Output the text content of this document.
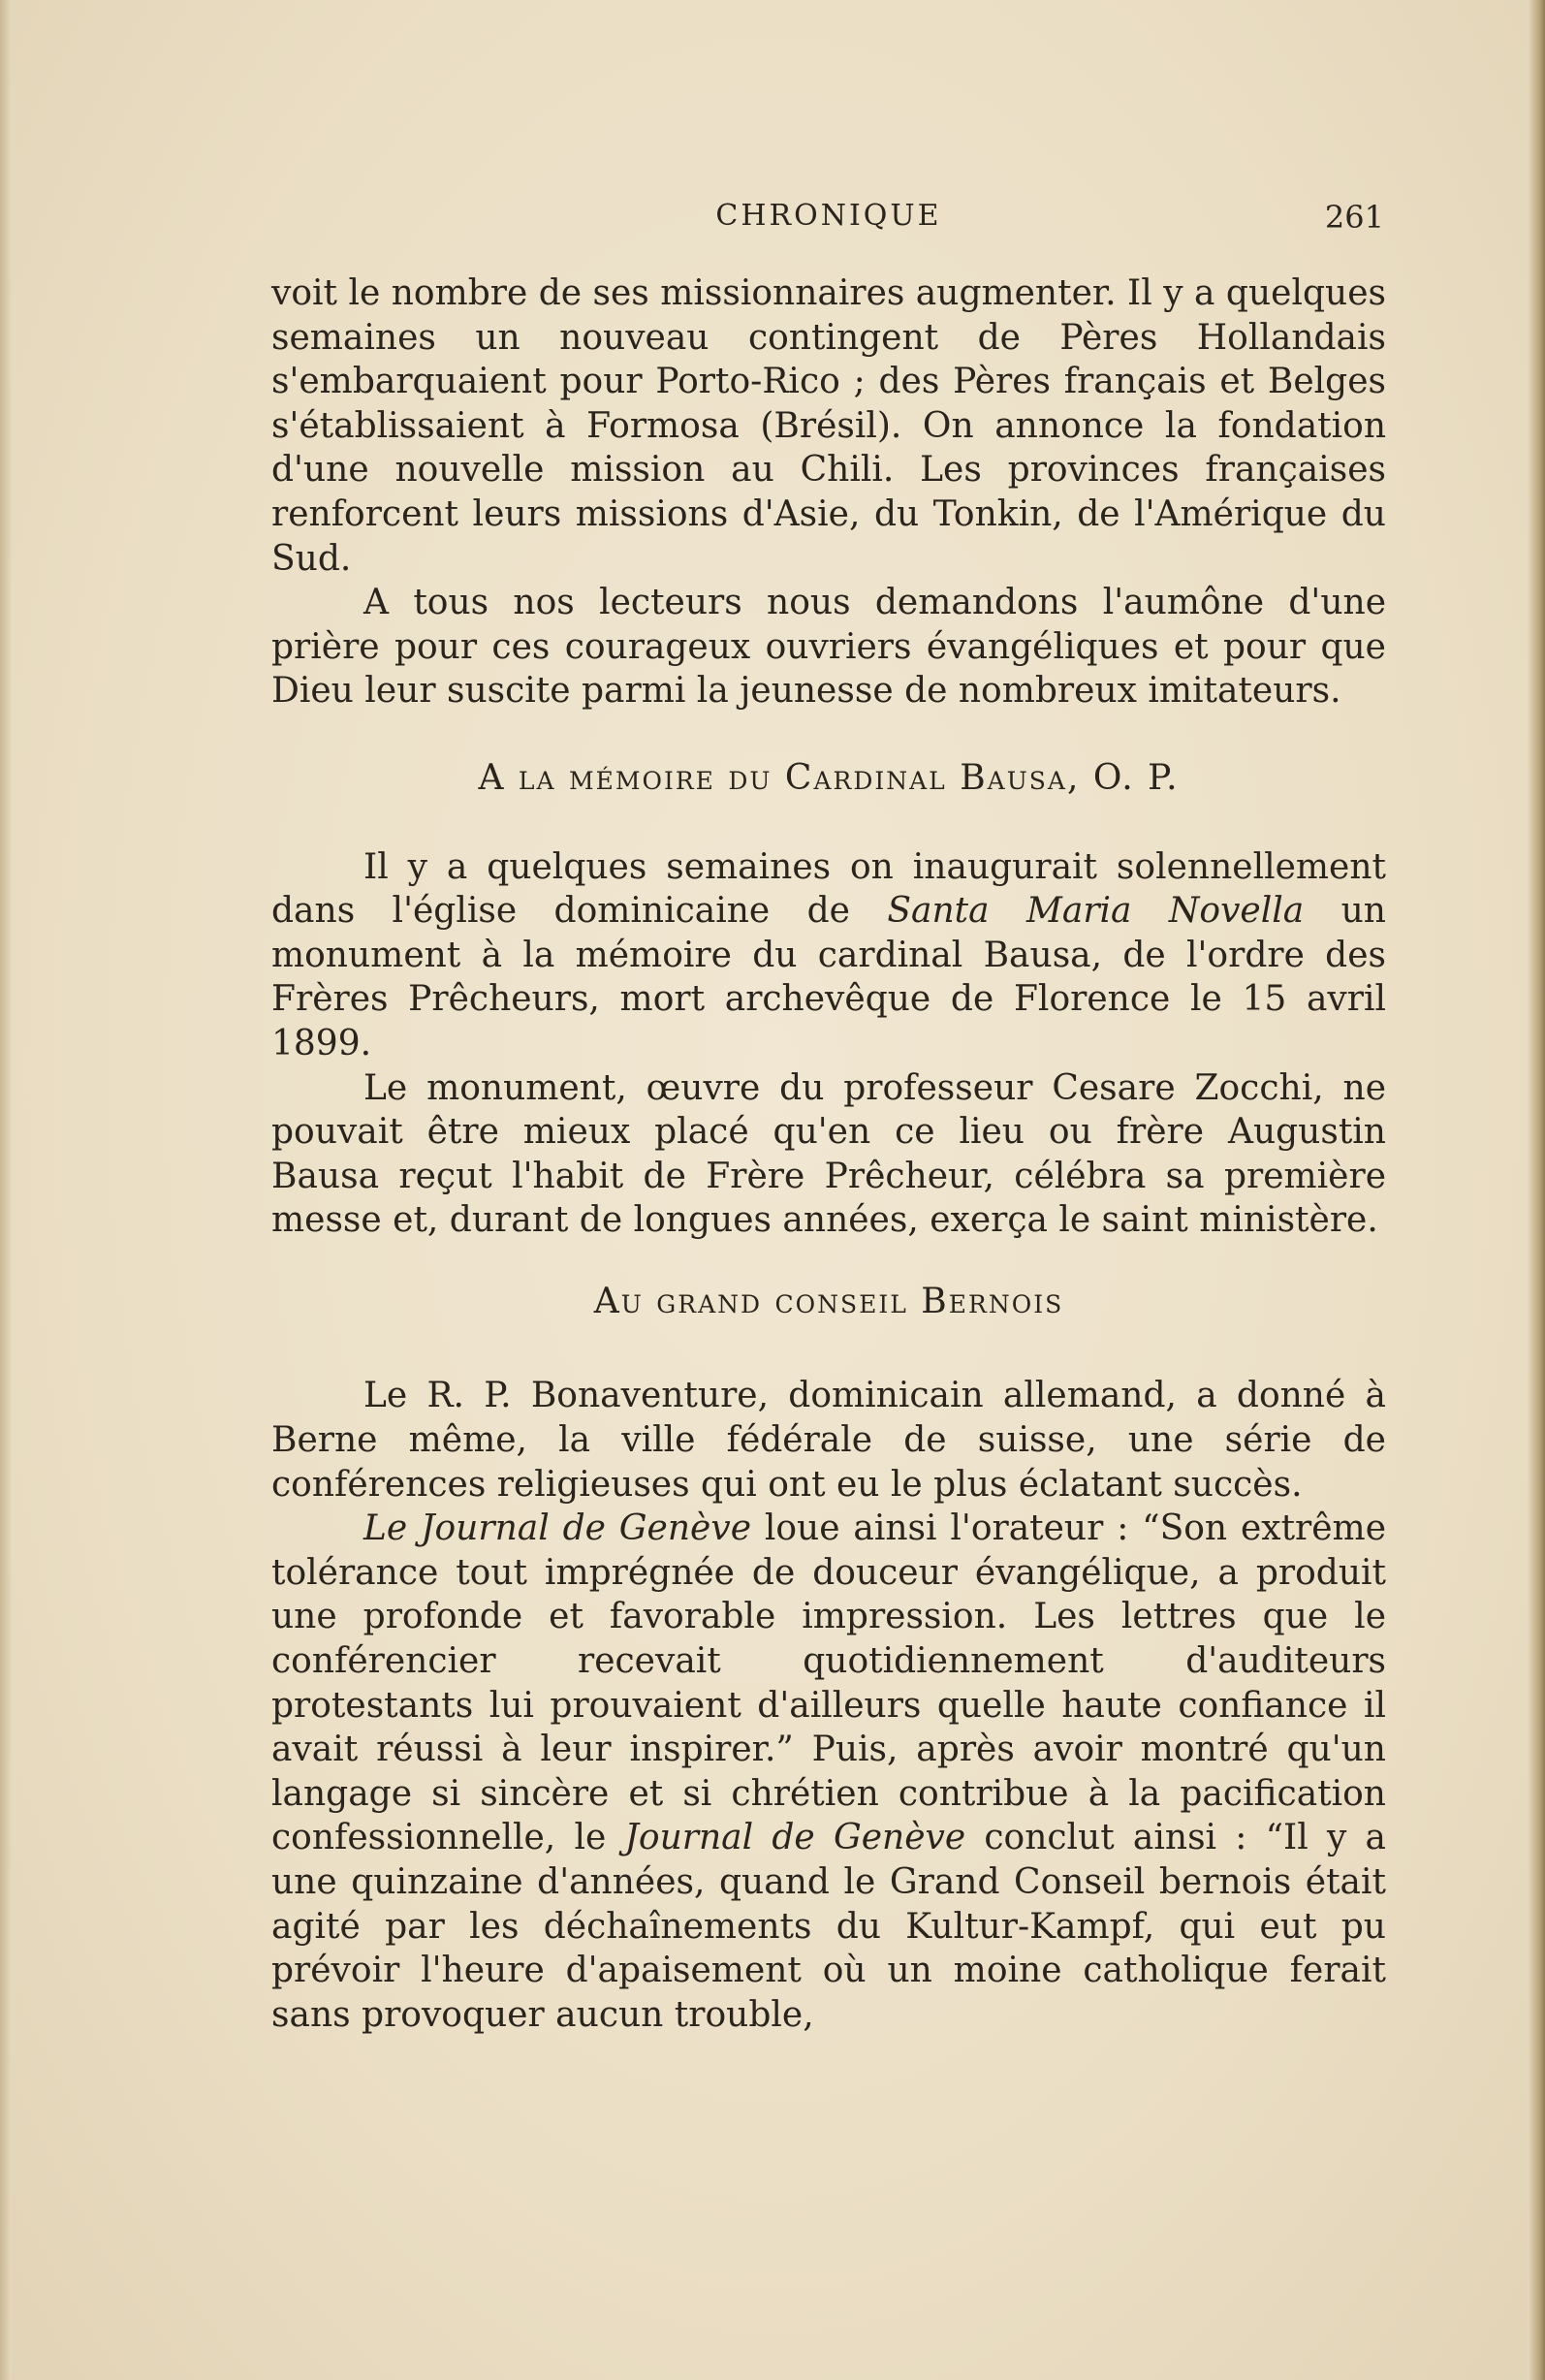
CHRONIQUE	261

voit le nombre de ses missionnaires augmenter. Il y a quelques semaines un nouveau contingent de Pères Hollandais s'embarquaient pour Porto-Rico ; des Pères français et Belges s'établissaient à Formosa (Brésil). On annonce la fondation d'une nouvelle mission au Chili. Les provinces françaises renforcent leurs missions d'Asie, du Tonkin, de l'Amérique du Sud.

A tous nos lecteurs nous demandons l'aumône d'une prière pour ces courageux ouvriers évangéliques et pour que Dieu leur suscite parmi la jeunesse de nombreux imitateurs.

A la mémoire du Cardinal Bausa, O. P.

Il y a quelques semaines on inaugurait solennellement dans l'église dominicaine de Santa Maria Novella un monument à la mémoire du cardinal Bausa, de l'ordre des Frères Prêcheurs, mort archevêque de Florence le 15 avril 1899.

Le monument, œuvre du professeur Cesare Zocchi, ne pouvait être mieux placé qu'en ce lieu ou frère Augustin Bausa reçut l'habit de Frère Prêcheur, célébra sa première messe et, durant de longues années, exerça le saint ministère.

Au grand conseil Bernois

Le R. P. Bonaventure, dominicain allemand, a donné à Berne même, la ville fédérale de suisse, une série de conférences religieuses qui ont eu le plus éclatant succès.

Le Journal de Genève loue ainsi l'orateur : “Son extrême tolérance tout imprégnée de douceur évangélique, a produit une profonde et favorable impression. Les lettres que le conférencier recevait quotidiennement d'auditeurs protestants lui prouvaient d'ailleurs quelle haute confiance il avait réussi à leur inspirer.” Puis, après avoir montré qu'un langage si sincère et si chrétien contribue à la pacification confessionnelle, le Journal de Genève conclut ainsi : “Il y a une quinzaine d'années, quand le Grand Conseil bernois était agité par les déchaînements du Kultur-Kampf, qui eut pu prévoir l'heure d'apaisement où un moine catholique ferait sans provoquer aucun trouble,
